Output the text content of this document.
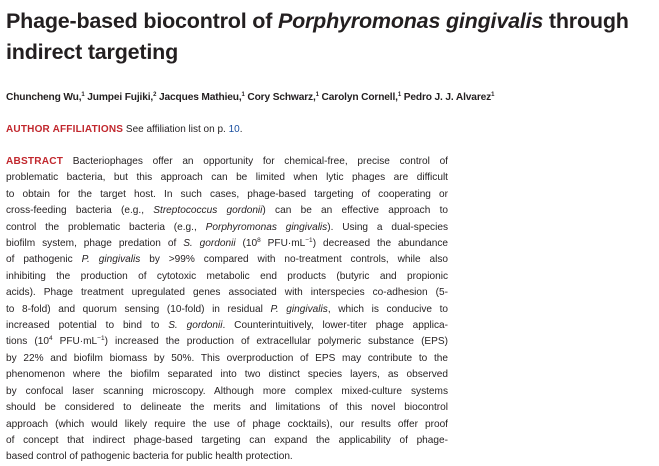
Phage-based biocontrol of Porphyromonas gingivalis through
indirect targeting
Chuncheng Wu,$^1$ Jumpei Fujiki,$^2$ Jacques Mathieu,$^1$ Cory Schwarz,$^1$ Carolyn Cornell,$^1$ Pedro J. J. Alvarez$^1$
AUTHOR AFFILIATIONS See affiliation list on p. 10.
ABSTRACT Bacteriophages offer an opportunity for chemical-free, precise control of
problematic bacteria, but this approach can be limited when lytic phages are difficult
to obtain for the target host. In such cases, phage-based targeting of cooperating or
cross-feeding bacteria (e.g., Streptococcus gordonii) can be an effective approach to
control the problematic bacteria (e.g., Porphyromonas gingivalis). Using a dual-species
biofilm system, phage predation of S. gordonii ($10^8$ $PFU\cdot mL^{-1}$) decreased the abundance
of pathogenic P. gingivalis by >99% compared with no-treatment controls, while also
inhibiting the production of cytotoxic metabolic end products (butyric and propionic
acids). Phage treatment upregulated genes associated with interspecies co-adhesion (5-
to 8-fold) and quorum sensing (10-fold) in residual P. gingivalis, which is conducive to
increased potential to bind to S. gordonii. Counterintuitively, lower-titer phage applica-
tions ($10^4$ $PFU\cdot mL^{-1}$) increased the production of extracellular polymeric substance (EPS)
by 22% and biofilm biomass by 50%. This overproduction of EPS may contribute to the
phenomenon where the biofilm separated into two distinct species layers, as observed
by confocal laser scanning microscopy. Although more complex mixed-culture systems
should be considered to delineate the merits and limitations of this novel biocontrol
approach (which would likely require the use of phage cocktails), our results offer proof
of concept that indirect phage-based targeting can expand the applicability of phage-
based control of pathogenic bacteria for public health protection.
